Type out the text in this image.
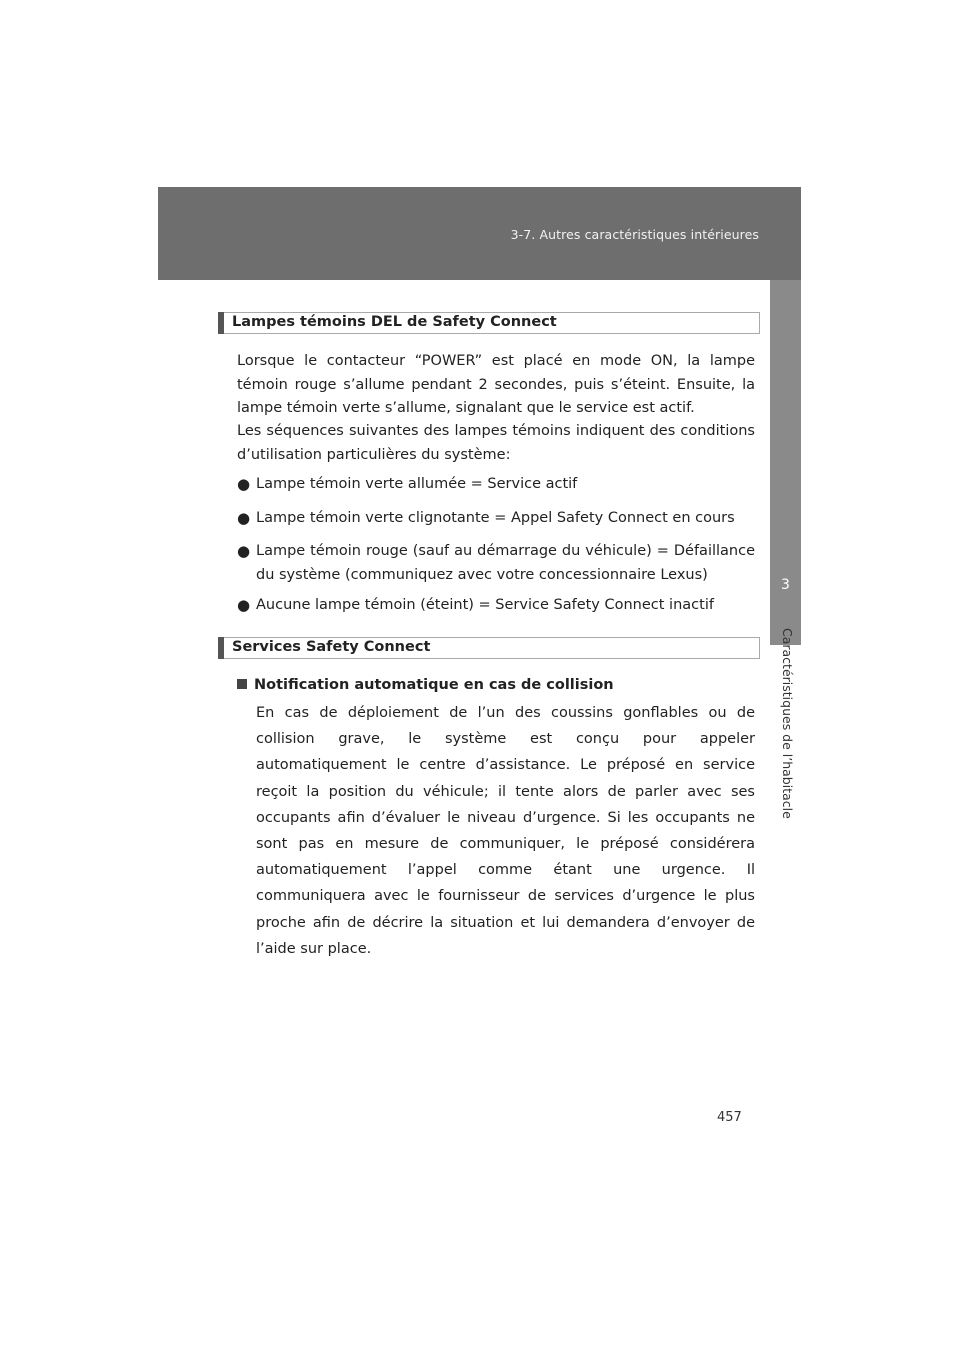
3-7. Autres caractéristiques intérieures
3
Caractéristiques de l’habitacle
Lampes témoins DEL de Safety Connect

Lorsque le contacteur “POWER” est placé en mode ON, la lampe témoin rouge s’allume pendant 2 secondes, puis s’éteint. Ensuite, la lampe témoin verte s’allume, signalant que le service est actif.

Les séquences suivantes des lampes témoins indiquent des conditions d’utilisation particulières du système:

● Lampe témoin verte allumée = Service actif
● Lampe témoin verte clignotante = Appel Safety Connect en cours
● Lampe témoin rouge (sauf au démarrage du véhicule) = Défaillance du système (communiquez avec votre concessionnaire Lexus)
● Aucune lampe témoin (éteint) = Service Safety Connect inactif
Services Safety Connect
Notification automatique en cas de collision

En cas de déploiement de l’un des coussins gonflables ou de collision grave, le système est conçu pour appeler automatiquement le centre d’assistance. Le préposé en service reçoit la position du véhicule; il tente alors de parler avec ses occupants afin d’évaluer le niveau d’urgence. Si les occupants ne sont pas en mesure de communiquer, le préposé considérera automatiquement l’appel comme étant une urgence. Il communiquera avec le fournisseur de services d’urgence le plus proche afin de décrire la situation et lui demandera d’envoyer de l’aide sur place.

457
